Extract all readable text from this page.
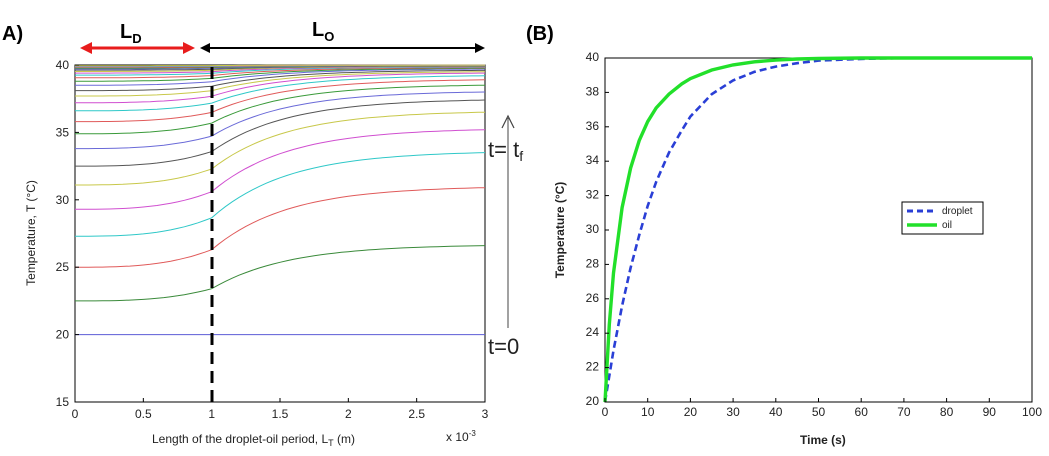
A)
0	0.5	1	1.5	2	2.5	3
15
20
25
30
35
40
$L_D$	$L_O$
t= tf
t=0
Length of the droplet-oil period, $L_T$ (m)	x $10^{-3}$
Temperature, T (°C)
(B)
0	10 20 30 40 50 60 70 80 90 100
20
22
24
26
28
30
32
34
36
38
40
droplet
oil
Time (s)
Temperature (°C)
